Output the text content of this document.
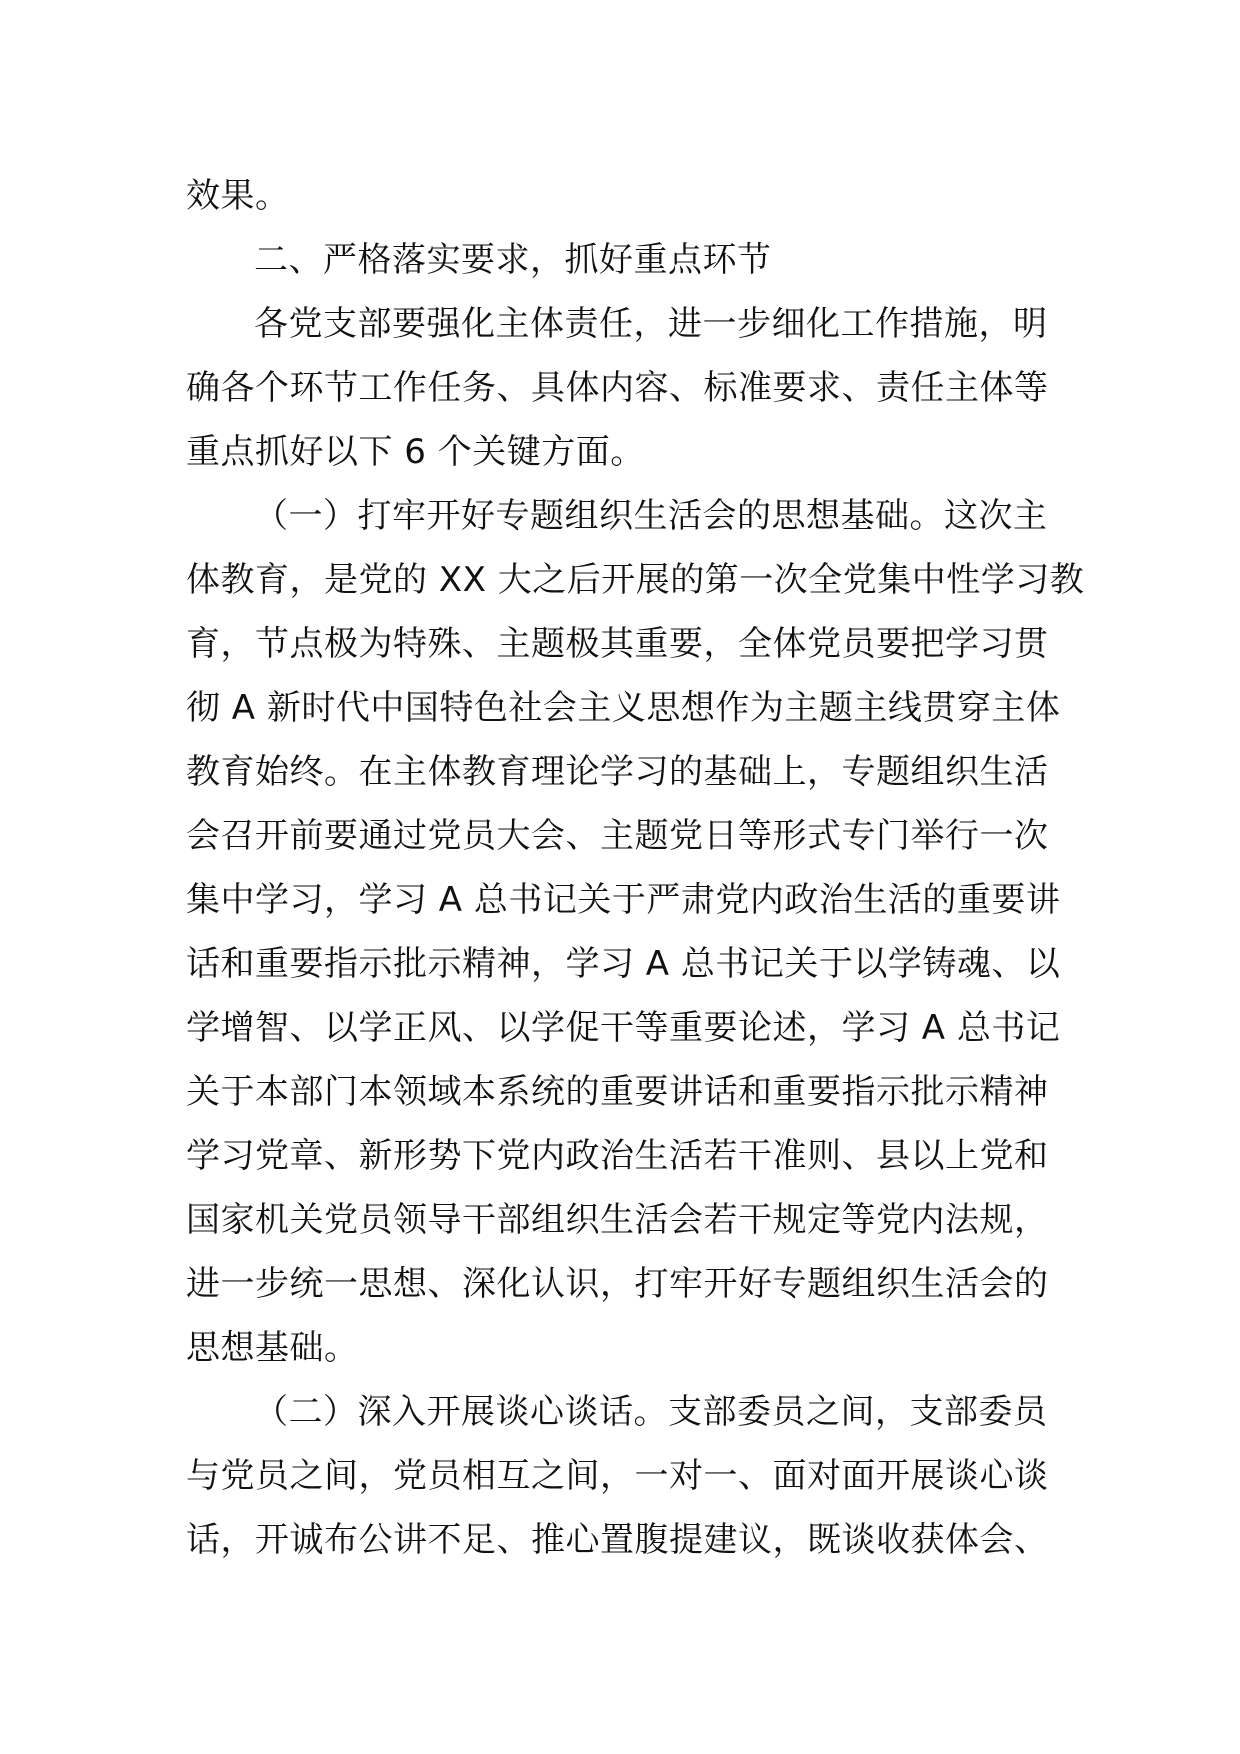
效果。

二、严格落实要求，抓好重点环节

各党支部要强化主体责任，进一步细化工作措施，明

确各个环节工作任务、具体内容、标准要求、责任主体等

重点抓好以下 6 个关键方面。

（一）打牢开好专题组织生活会的思想基础。这次主

体教育，是党的 XX 大之后开展的第一次全党集中性学习教

育，节点极为特殊、主题极其重要，全体党员要把学习贯

彻 A 新时代中国特色社会主义思想作为主题主线贯穿主体

教育始终。在主体教育理论学习的基础上，专题组织生活

会召开前要通过党员大会、主题党日等形式专门举行一次

集中学习，学习 A 总书记关于严肃党内政治生活的重要讲

话和重要指示批示精神，学习 A 总书记关于以学铸魂、以

学增智、以学正风、以学促干等重要论述，学习 A 总书记

关于本部门本领域本系统的重要讲话和重要指示批示精神

学习党章、新形势下党内政治生活若干准则、县以上党和

国家机关党员领导干部组织生活会若干规定等党内法规，

进一步统一思想、深化认识，打牢开好专题组织生活会的

思想基础。

（二）深入开展谈心谈话。支部委员之间，支部委员

与党员之间，党员相互之间，一对一、面对面开展谈心谈

话，开诚布公讲不足、推心置腹提建议，既谈收获体会、
